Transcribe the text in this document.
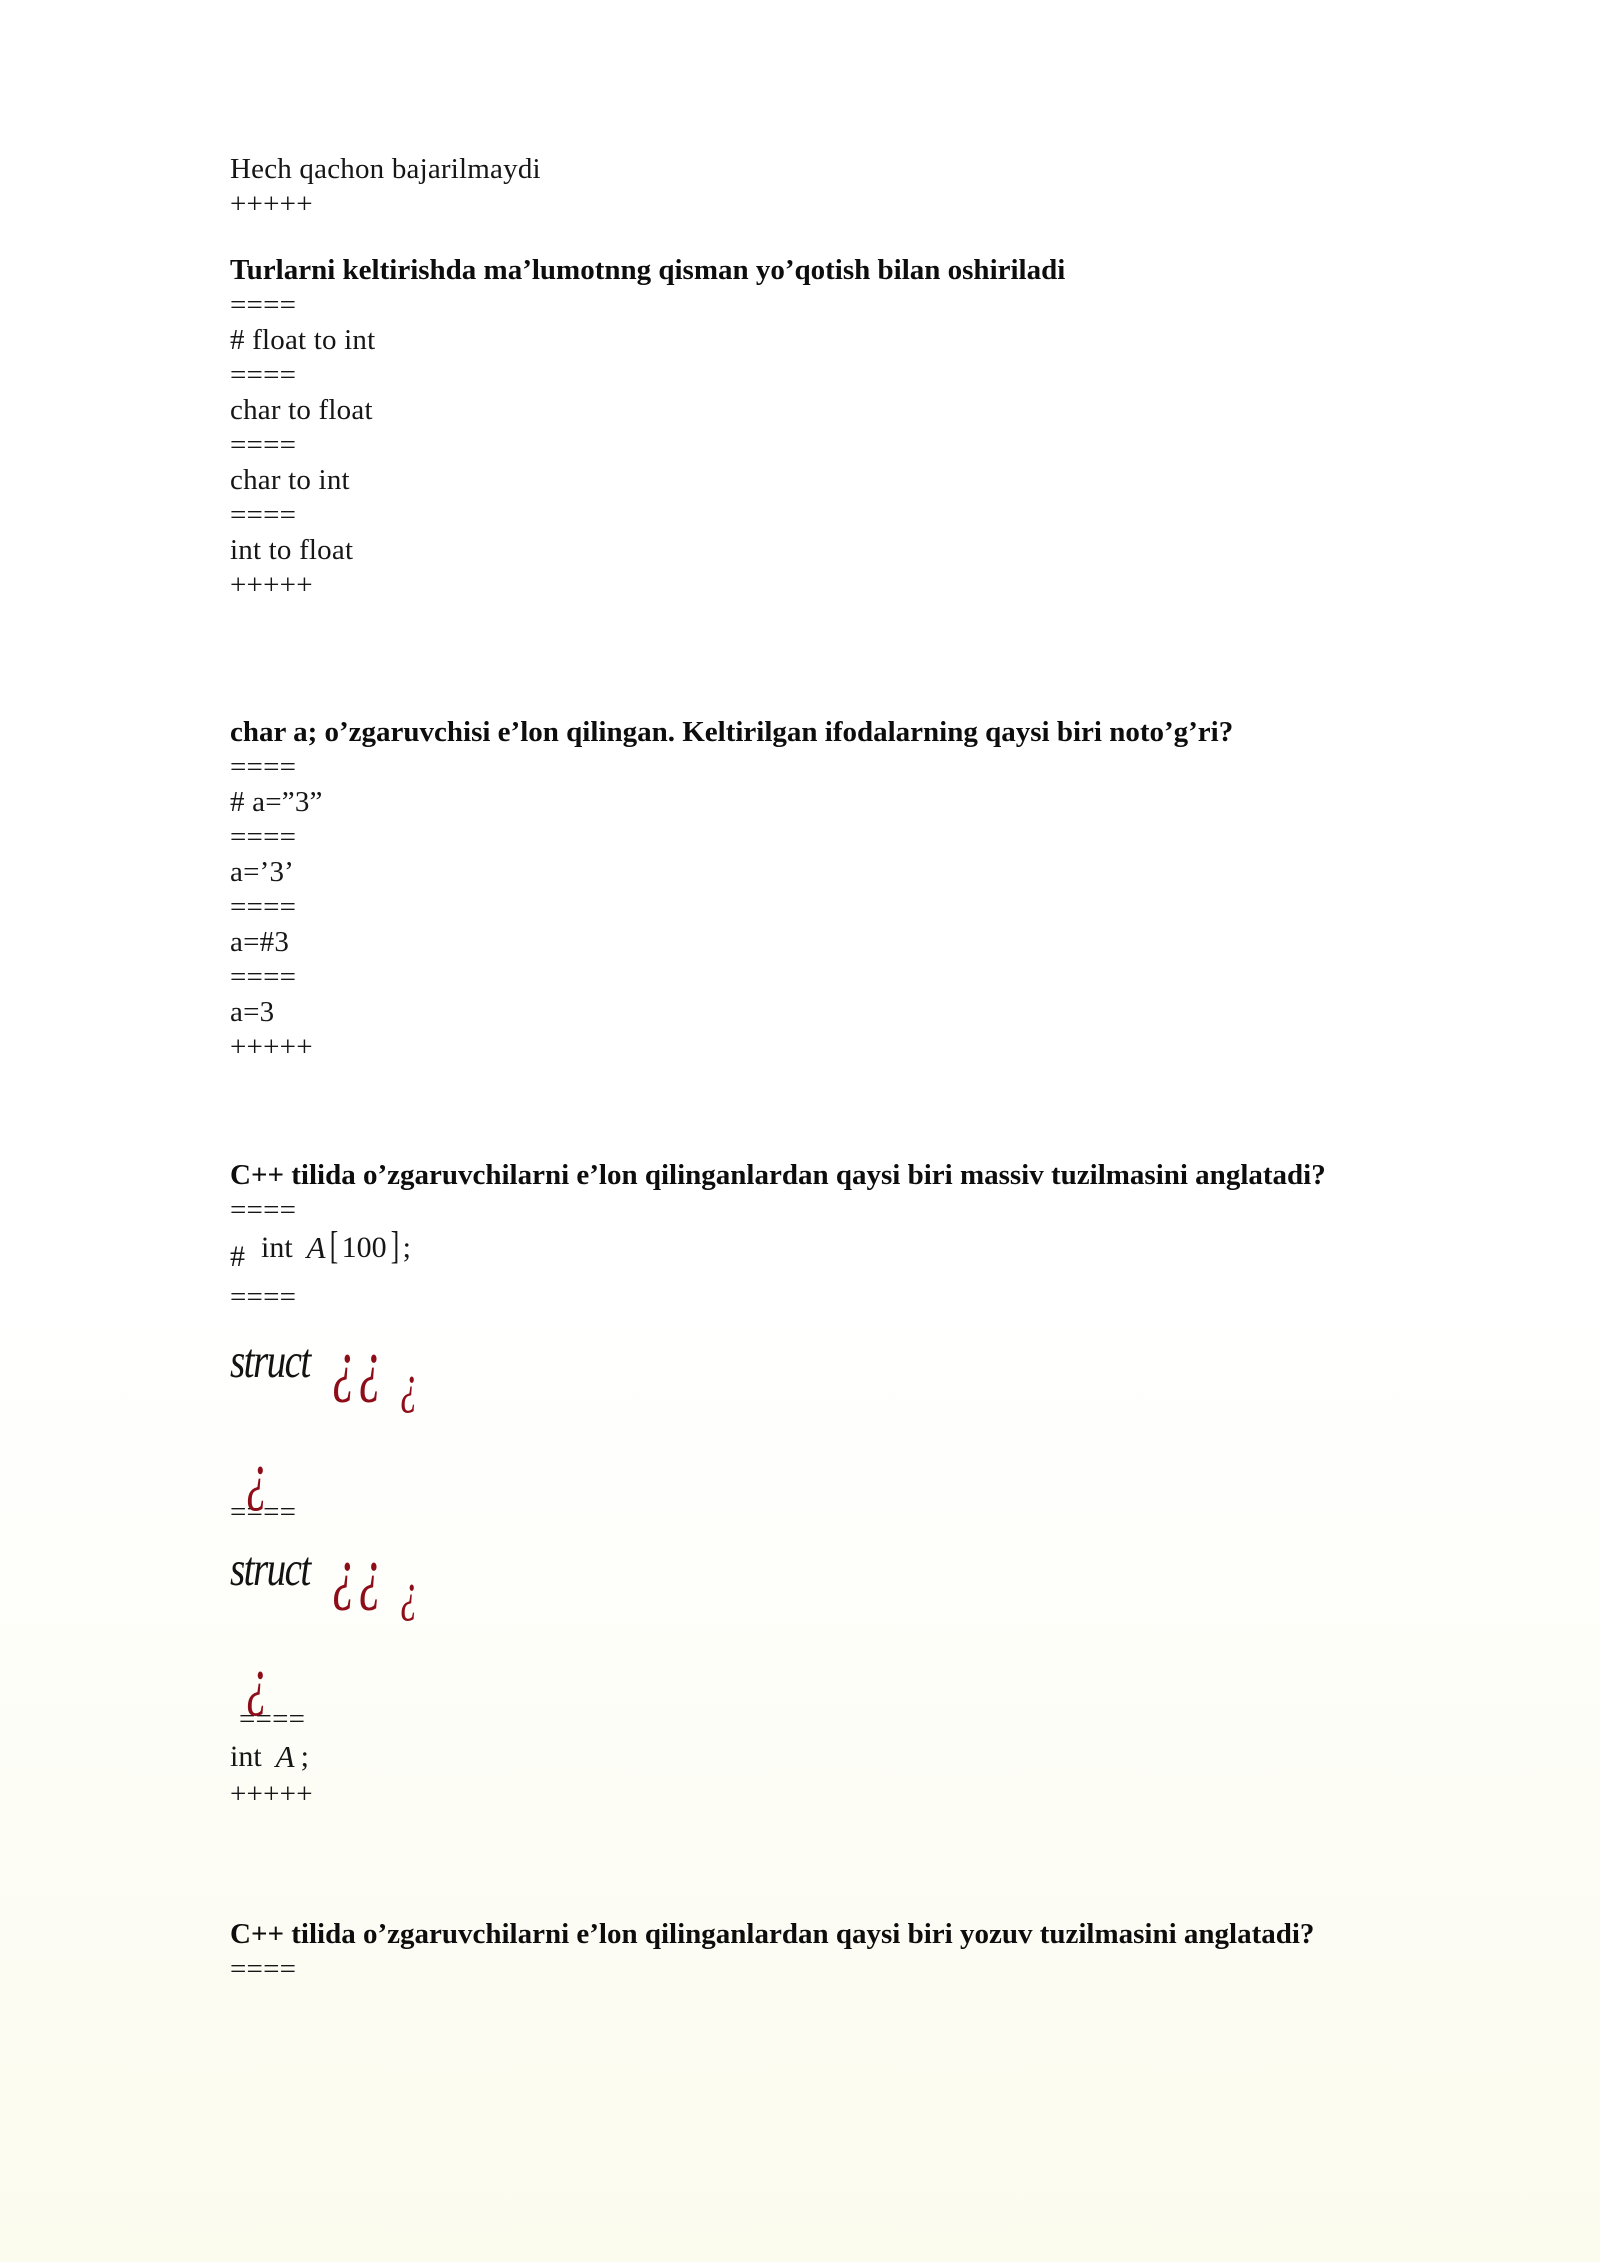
Hech qachon bajarilmaydi
+++++
Turlarni keltirishda ma’lumotnng qisman yo’qotish bilan oshiriladi
====
# float to int
====
char to float
====
char to int
====
int to float
+++++
char a; o’zgaruvchisi e’lon qilingan. Keltirilgan ifodalarning qaysi biri noto’g’ri?
====
# a=”3”
====
a=’3’
====
a=#3
====
a=3
+++++
C++ tilida o’zgaruvchilarni e’lon qilinganlardan qaysi biri massiv tuzilmasini anglatadi?
====
# int A [ 100 ] ;
====
struct ¿¿ ¿

¿

====
struct ¿¿ ¿

¿

====
int A ;
+++++
C++ tilida o’zgaruvchilarni e’lon qilinganlardan qaysi biri yozuv tuzilmasini anglatadi?
====
